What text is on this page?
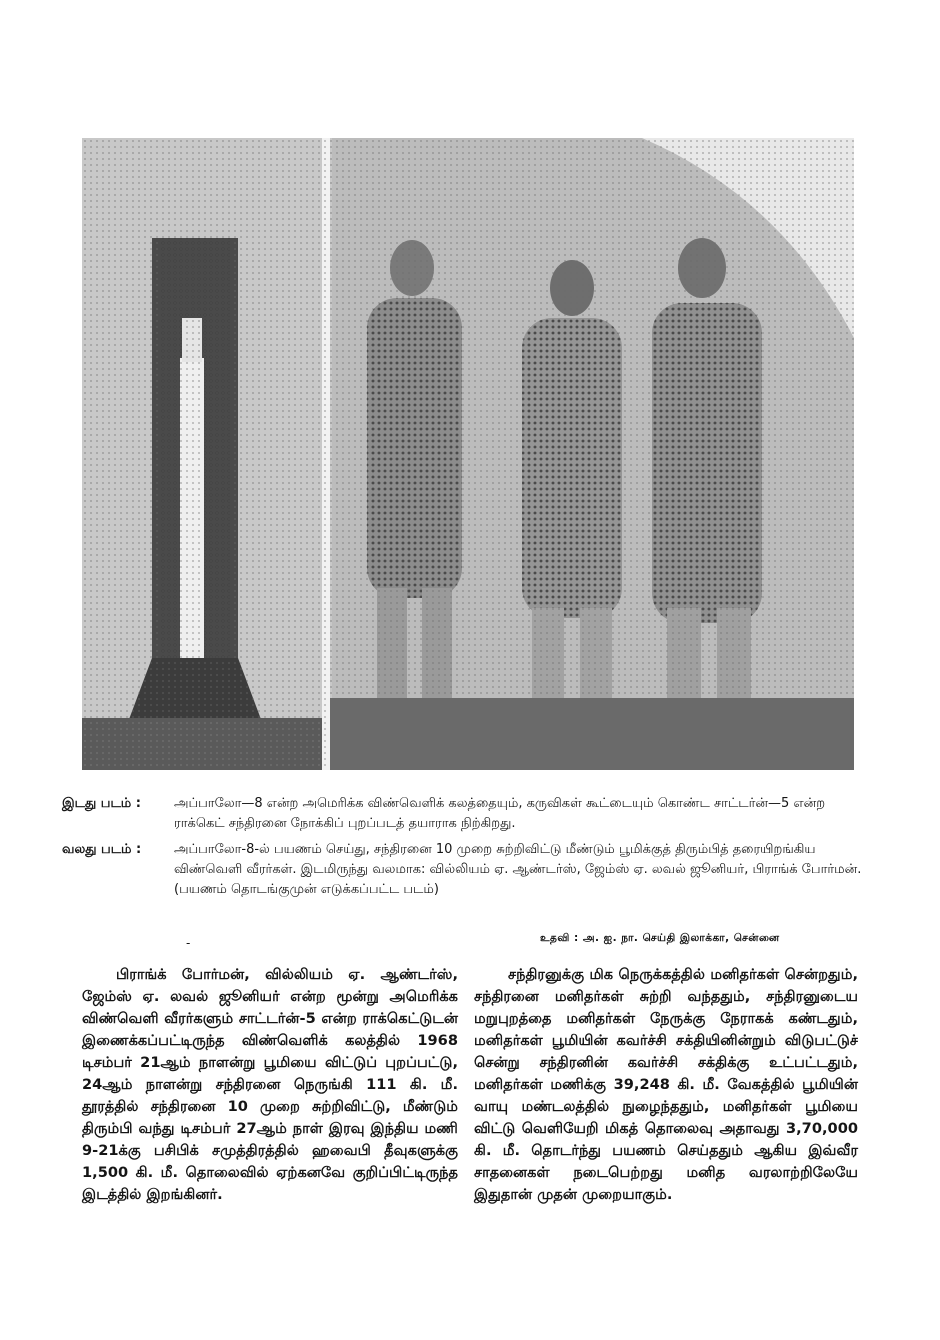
இடது படம் :	அப்பாலோ—8 என்ற அமெரிக்க விண்வெளிக் கலத்தையும், கருவிகள் கூட்டையும் கொண்ட சாட்டர்ன்—5 என்ற ராக்கெட் சந்திரனை நோக்கிப் புறப்படத் தயாராக நிற்கிறது.
வலது படம் :	அப்பாலோ-8-ல் பயணம் செய்து, சந்திரனை 10 முறை சுற்றிவிட்டு மீண்டும் பூமிக்குத் திரும்பித் தரையிறங்கிய விண்வெளி வீரர்கள். இடமிருந்து வலமாக: வில்லியம் ஏ. ஆண்டர்ஸ், ஜேம்ஸ் ஏ. லவல் ஜூனியர், பிராங்க் போர்மன். (பயணம் தொடங்குமுன் எடுக்கப்பட்ட படம்)
-	உதவி : அ. ஐ. நா. செய்தி இலாக்கா, சென்னை

பிராங்க் போர்மன், வில்லியம் ஏ. ஆண்டர்ஸ், ஜேம்ஸ் ஏ. லவல் ஜூனியர் என்ற மூன்று அமெரிக்க விண்வெளி வீரர்களும் சாட்டர்ன்-5 என்ற ராக்கெட்டுடன் இணைக்கப்பட்டிருந்த விண்வெளிக் கலத்தில் 1968 டிசம்பர் 21ஆம் நாளன்று பூமியை விட்டுப் புறப்பட்டு, 24ஆம் நாளன்று சந்திரனை நெருங்கி 111 கி. மீ. தூரத்தில் சந்திரனை 10 முறை சுற்றிவிட்டு, மீண்டும் திரும்பி வந்து டிசம்பர் 27ஆம் நாள் இரவு இந்திய மணி 9-21க்கு பசிபிக் சமுத்திரத்தில் ஹவைபி தீவுகளுக்கு 1,500 கி. மீ. தொலைவில் ஏற்கனவே குறிப்பிட்டிருந்த இடத்தில் இறங்கினர்.

சந்திரனுக்கு மிக நெருக்கத்தில் மனிதர்கள் சென்றதும், சந்திரனை மனிதர்கள் சுற்றி வந்ததும், சந்திரனுடைய மறுபுறத்தை மனிதர்கள் நேருக்கு நேராகக் கண்டதும், மனிதர்கள் பூமியின் கவர்ச்சி சக்தியினின்றும் விடுபட்டுச் சென்று சந்திரனின் கவர்ச்சி சக்திக்கு உட்பட்டதும், மனிதர்கள் மணிக்கு 39,248 கி. மீ. வேகத்தில் பூமியின் வாயு மண்டலத்தில் நுழைந்ததும், மனிதர்கள் பூமியை விட்டு வெளியேறி மிகத் தொலைவு அதாவது 3,70,000 கி. மீ. தொடர்ந்து பயணம் செய்ததும் ஆகிய இவ்வீர சாதனைகள் நடைபெற்றது மனித வரலாற்றிலேயே இதுதான் முதன் முறையாகும்.
